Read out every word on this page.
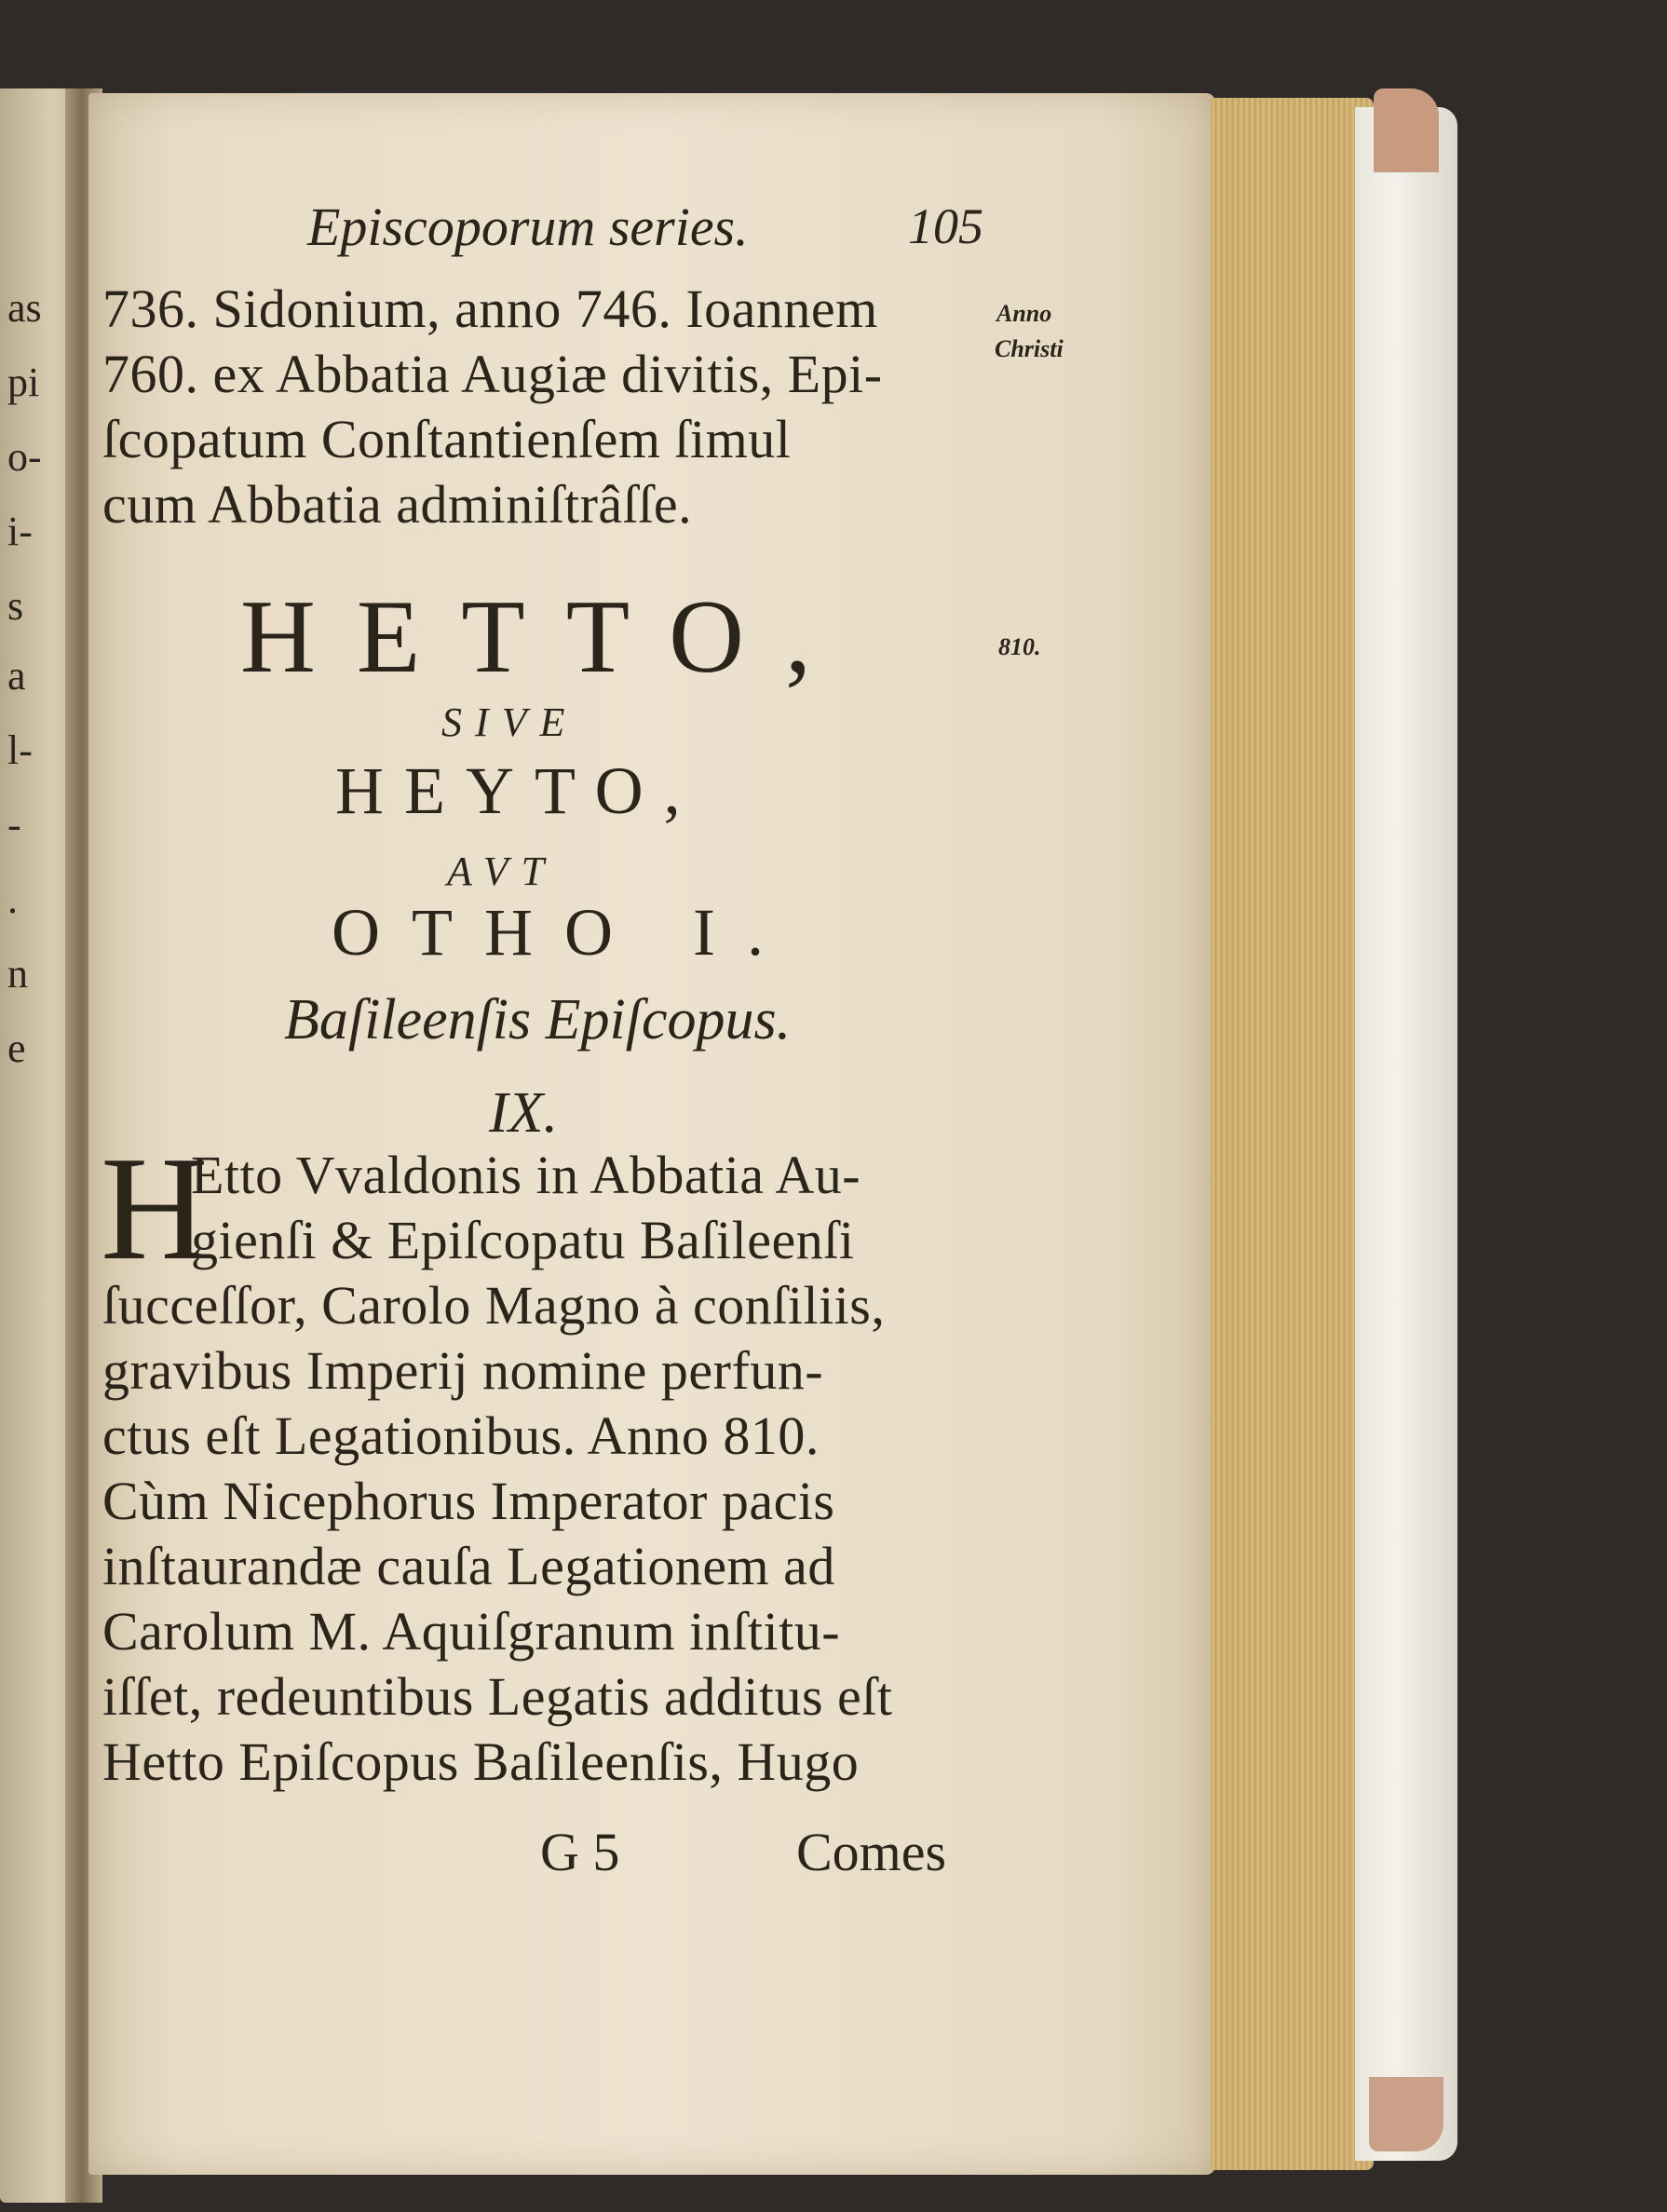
as
pi
o-
i-
s
a
l-
-
.
n
e
Episcoporum series.	105
736. Sidonium, anno 746. Ioannem
760. ex Abbatia Augiæ divitis, Epi-
ſcopatum Conſtantienſem ſimul
cum Abbatia adminiſtrâſſe.
Anno
Christi
810.
HETTO,
SIVE
HEYTO,
AVT
OTHO I.
Baſileenſis Epiſcopus.
IX.
H
Etto Vvaldonis in Abbatia Au-
gienſi & Epiſcopatu Baſileenſi
ſucceſſor, Carolo Magno à conſiliis,
gravibus Imperij nomine perfun-
ctus eſt Legationibus. Anno 810.
Cùm Nicephorus Imperator pacis
inſtaurandæ cauſa Legationem ad
Carolum M. Aquiſgranum inſtitu-
iſſet, redeuntibus Legatis additus eſt
Hetto Epiſcopus Baſileenſis, Hugo
G 5	Comes
